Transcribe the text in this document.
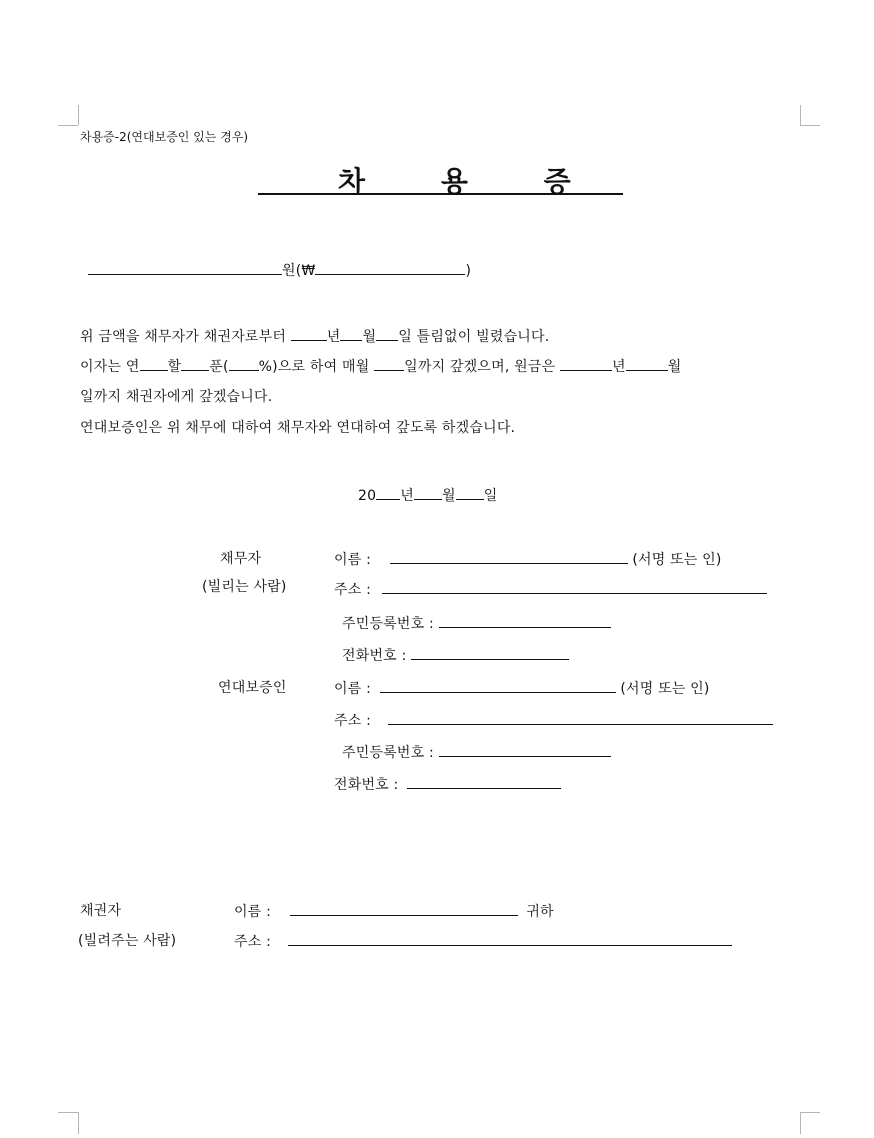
차용증-2(연대보증인 있는 경우)
차	용	증
원(₩	)
위 금액을 채무자가 채권자로부터	년 월 일 틀림없이 빌렸습니다.
이자는 연 할 푼( %)으로 하여 매월 일까지 갚겠으며, 원금은	년	월
일까지 채권자에게 갚겠습니다.
연대보증인은 위 채무에 대하여 채무자와 연대하여 갚도록 하겠습니다.
20 년 월 일
채무자
(빌리는 사람)
이름 :	(서명 또는 인)
주소 :
주민등록번호 :
전화번호 :
연대보증인	이름 :	(서명 또는 인)
주소 :
주민등록번호 :
전화번호 :
채권자
(빌려주는 사람)
이름 :	귀하
주소 :
